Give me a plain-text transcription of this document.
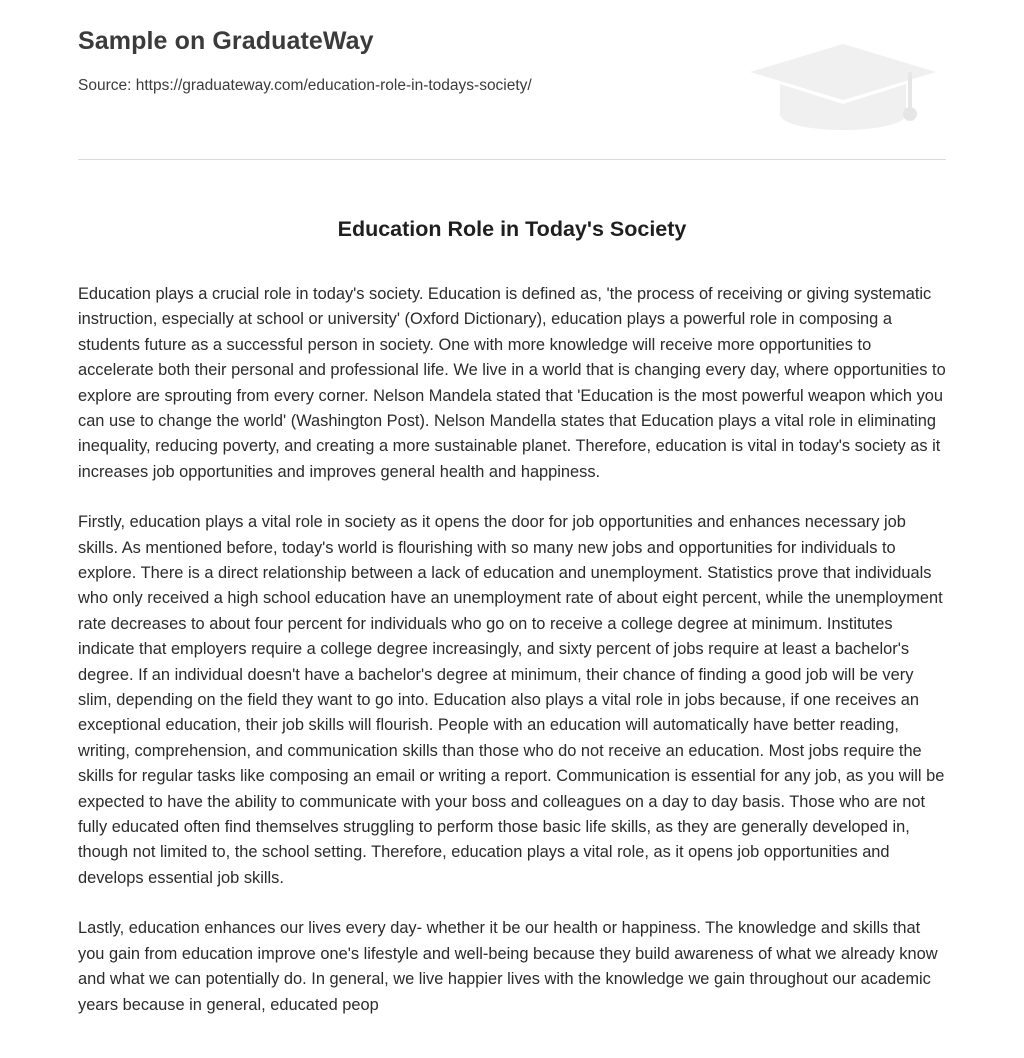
Sample on GraduateWay
Source: https://graduateway.com/education-role-in-todays-society/
Education Role in Today's Society

Education plays a crucial role in today's society. Education is defined as, 'the process of receiving or giving systematic instruction, especially at school or university' (Oxford Dictionary), education plays a powerful role in composing a students future as a successful person in society. One with more knowledge will receive more opportunities to accelerate both their personal and professional life. We live in a world that is changing every day, where opportunities to explore are sprouting from every corner. Nelson Mandela stated that 'Education is the most powerful weapon which you can use to change the world' (Washington Post). Nelson Mandella states that Education plays a vital role in eliminating inequality, reducing poverty, and creating a more sustainable planet. Therefore, education is vital in today's society as it increases job opportunities and improves general health and happiness.

Firstly, education plays a vital role in society as it opens the door for job opportunities and enhances necessary job skills. As mentioned before, today's world is flourishing with so many new jobs and opportunities for individuals to explore. There is a direct relationship between a lack of education and unemployment. Statistics prove that individuals who only received a high school education have an unemployment rate of about eight percent, while the unemployment rate decreases to about four percent for individuals who go on to receive a college degree at minimum. Institutes indicate that employers require a college degree increasingly, and sixty percent of jobs require at least a bachelor's degree. If an individual doesn't have a bachelor's degree at minimum, their chance of finding a good job will be very slim, depending on the field they want to go into. Education also plays a vital role in jobs because, if one receives an exceptional education, their job skills will flourish. People with an education will automatically have better reading, writing, comprehension, and communication skills than those who do not receive an education. Most jobs require the skills for regular tasks like composing an email or writing a report. Communication is essential for any job, as you will be expected to have the ability to communicate with your boss and colleagues on a day to day basis. Those who are not fully educated often find themselves struggling to perform those basic life skills, as they are generally developed in, though not limited to, the school setting. Therefore, education plays a vital role, as it opens job opportunities and develops essential job skills.

Lastly, education enhances our lives every day- whether it be our health or happiness. The knowledge and skills that you gain from education improve one's lifestyle and well-being because they build awareness of what we already know and what we can potentially do. In general, we live happier lives with the knowledge we gain throughout our academic years because in general, educated peop
